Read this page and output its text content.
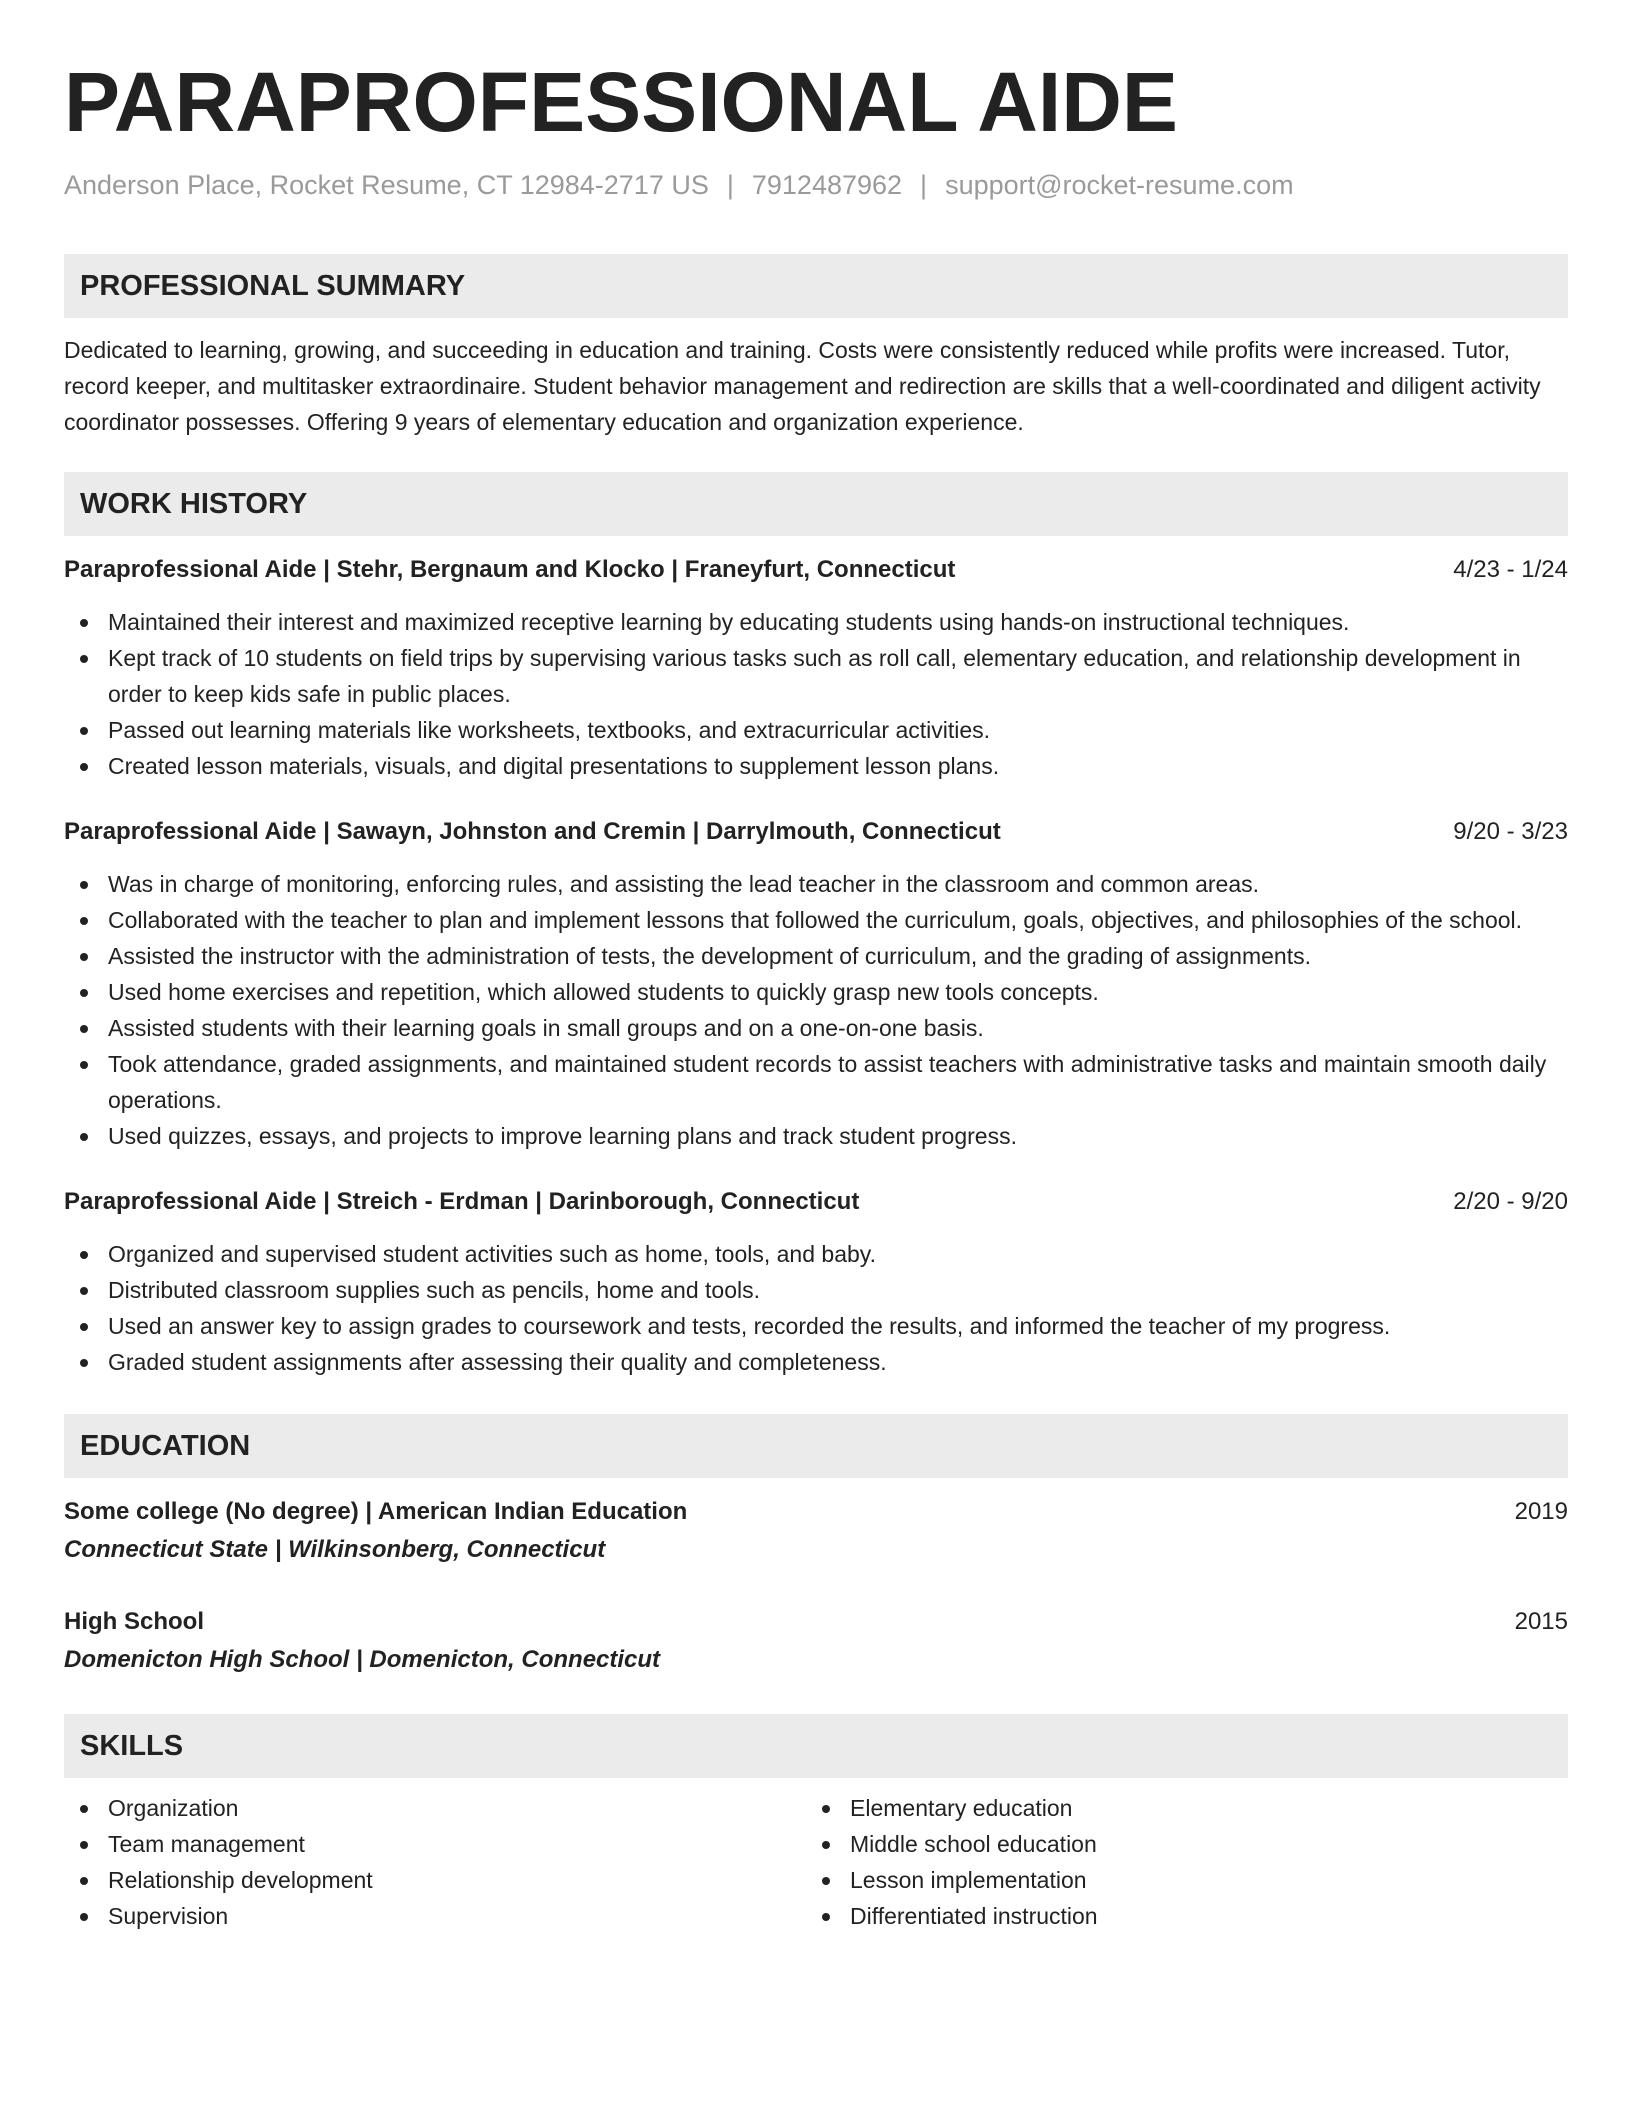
PARAPROFESSIONAL AIDE
Anderson Place, Rocket Resume, CT 12984-2717 US | 7912487962 | support@rocket-resume.com
PROFESSIONAL SUMMARY
Dedicated to learning, growing, and succeeding in education and training. Costs were consistently reduced while profits were increased. Tutor, record keeper, and multitasker extraordinaire. Student behavior management and redirection are skills that a well-coordinated and diligent activity coordinator possesses. Offering 9 years of elementary education and organization experience.
WORK HISTORY
Paraprofessional Aide | Stehr, Bergnaum and Klocko | Franeyfurt, Connecticut	4/23 - 1/24
Maintained their interest and maximized receptive learning by educating students using hands-on instructional techniques.
Kept track of 10 students on field trips by supervising various tasks such as roll call, elementary education, and relationship development in order to keep kids safe in public places.
Passed out learning materials like worksheets, textbooks, and extracurricular activities.
Created lesson materials, visuals, and digital presentations to supplement lesson plans.
Paraprofessional Aide | Sawayn, Johnston and Cremin | Darrylmouth, Connecticut	9/20 - 3/23
Was in charge of monitoring, enforcing rules, and assisting the lead teacher in the classroom and common areas.
Collaborated with the teacher to plan and implement lessons that followed the curriculum, goals, objectives, and philosophies of the school.
Assisted the instructor with the administration of tests, the development of curriculum, and the grading of assignments.
Used home exercises and repetition, which allowed students to quickly grasp new tools concepts.
Assisted students with their learning goals in small groups and on a one-on-one basis.
Took attendance, graded assignments, and maintained student records to assist teachers with administrative tasks and maintain smooth daily operations.
Used quizzes, essays, and projects to improve learning plans and track student progress.
Paraprofessional Aide | Streich - Erdman | Darinborough, Connecticut	2/20 - 9/20
Organized and supervised student activities such as home, tools, and baby.
Distributed classroom supplies such as pencils, home and tools.
Used an answer key to assign grades to coursework and tests, recorded the results, and informed the teacher of my progress.
Graded student assignments after assessing their quality and completeness.
EDUCATION
Some college (No degree) | American Indian Education	2019
Connecticut State | Wilkinsonberg, Connecticut
High School	2015
Domenicton High School | Domenicton, Connecticut
SKILLS
Organization
Team management
Relationship development
Supervision
Elementary education
Middle school education
Lesson implementation
Differentiated instruction
